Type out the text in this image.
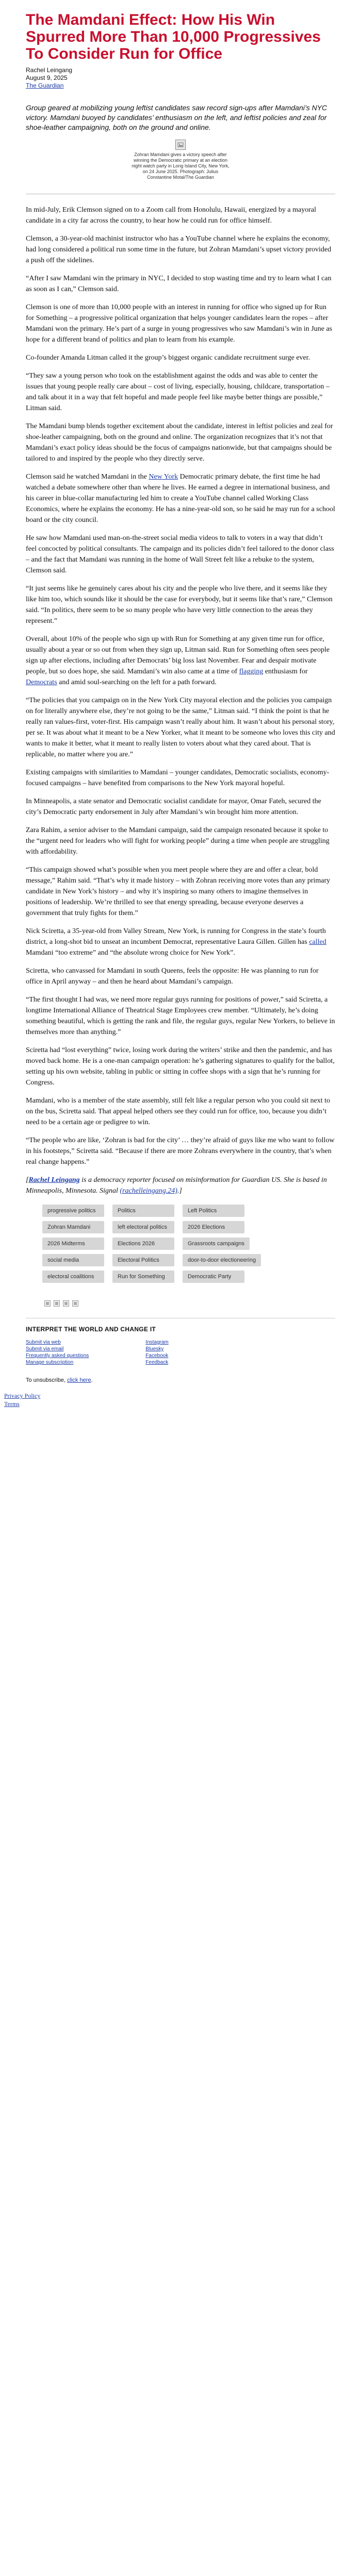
The Mamdani Effect: How His Win Spurred More Than 10,000 Progressives To Consider Run for Office
Rachel Leingang
August 9, 2025
The Guardian

Group geared at mobilizing young leftist candidates saw record sign-ups after Mamdani’s NYC victory. Mamdani buoyed by candidates’ enthusiasm on the left, and leftist policies and zeal for shoe-leather campaigning, both on the ground and online.

Zohran Mamdani gives a victory speech after winning the Democratic primary at an election night watch party in Long Island City, New York, on 24 June 2025. Photograph: Julius Constantine Motal/The Guardian

In mid-July, Erik Clemson signed on to a Zoom call from Honolulu, Hawaii, energized by a mayoral candidate in a city far across the country, to hear how he could run for office himself.

Clemson, a 30-year-old machinist instructor who has a YouTube channel where he explains the economy, had long considered a political run some time in the future, but Zohran Mamdani’s upset victory provided a push off the sidelines.

“After I saw Mamdani win the primary in NYC, I decided to stop wasting time and try to learn what I can as soon as I can,” Clemson said.

Clemson is one of more than 10,000 people with an interest in running for office who signed up for Run for Something – a progressive political organization that helps younger candidates learn the ropes – after Mamdani won the primary. He’s part of a surge in young progressives who saw Mamdani’s win in June as hope for a different brand of politics and plan to learn from his example.

Co-founder Amanda Litman called it the group’s biggest organic candidate recruitment surge ever.

“They saw a young person who took on the establishment against the odds and was able to center the issues that young people really care about – cost of living, especially, housing, childcare, transportation – and talk about it in a way that felt hopeful and made people feel like maybe better things are possible,” Litman said.

The Mamdani bump blends together excitement about the candidate, interest in leftist policies and zeal for shoe-leather campaigning, both on the ground and online. The organization recognizes that it’s not that Mamdani’s exact policy ideas should be the focus of campaigns nationwide, but that campaigns should be tailored to and inspired by the people who they directly serve.

Clemson said he watched Mamdani in the New York Democratic primary debate, the first time he had watched a debate somewhere other than where he lives. He earned a degree in international business, and his career in blue-collar manufacturing led him to create a YouTube channel called Working Class Economics, where he explains the economy. He has a nine-year-old son, so he said he may run for a school board or the city council.

He saw how Mamdani used man-on-the-street social media videos to talk to voters in a way that didn’t feel concocted by political consultants. The campaign and its policies didn’t feel tailored to the donor class – and the fact that Mamdani was running in the home of Wall Street felt like a rebuke to the system, Clemson said.

“It just seems like he genuinely cares about his city and the people who live there, and it seems like they like him too, which sounds like it should be the case for everybody, but it seems like that’s rare,” Clemson said. “In politics, there seem to be so many people who have very little connection to the areas they represent.”

Overall, about 10% of the people who sign up with Run for Something at any given time run for office, usually about a year or so out from when they sign up, Litman said. Run for Something often sees people sign up after elections, including after Democrats’ big loss last November. Fear and despair motivate people, but so does hope, she said. Mamdani’s win also came at a time of flagging enthusiasm for Democrats and amid soul-searching on the left for a path forward.

“The policies that you campaign on in the New York City mayoral election and the policies you campaign on for literally anywhere else, they’re not going to be the same,” Litman said. “I think the point is that he really ran values-first, voter-first. His campaign wasn’t really about him. It wasn’t about his personal story, per se. It was about what it meant to be a New Yorker, what it meant to be someone who loves this city and wants to make it better, what it meant to really listen to voters about what they cared about. That is replicable, no matter where you are.”

Existing campaigns with similarities to Mamdani – younger candidates, Democratic socialists, economy-focused campaigns – have benefited from comparisons to the New York mayoral hopeful.

In Minneapolis, a state senator and Democratic socialist candidate for mayor, Omar Fateh, secured the city’s Democratic party endorsement in July after Mamdani’s win brought him more attention.

Zara Rahim, a senior adviser to the Mamdani campaign, said the campaign resonated because it spoke to the “urgent need for leaders who will fight for working people” during a time when people are struggling with affordability.

“This campaign showed what’s possible when you meet people where they are and offer a clear, bold message,” Rahim said. “That’s why it made history – with Zohran receiving more votes than any primary candidate in New York’s history – and why it’s inspiring so many others to imagine themselves in positions of leadership. We’re thrilled to see that energy spreading, because everyone deserves a government that truly fights for them.”

Nick Sciretta, a 35-year-old from Valley Stream, New York, is running for Congress in the state’s fourth district, a long-shot bid to unseat an incumbent Democrat, representative Laura Gillen. Gillen has called Mamdani “too extreme” and “the absolute wrong choice for New York”.

Sciretta, who canvassed for Mamdani in south Queens, feels the opposite: He was planning to run for office in April anyway – and then he heard about Mamdani’s campaign.

“The first thought I had was, we need more regular guys running for positions of power,” said Sciretta, a longtime International Alliance of Theatrical Stage Employees crew member. “Ultimately, he’s doing something beautiful, which is getting the rank and file, the regular guys, regular New Yorkers, to believe in themselves more than anything.”

Sciretta had “lost everything” twice, losing work during the writers’ strike and then the pandemic, and has moved back home. He is a one-man campaign operation: he’s gathering signatures to qualify for the ballot, setting up his own website, tabling in public or sitting in coffee shops with a sign that he’s running for Congress.

Mamdani, who is a member of the state assembly, still felt like a regular person who you could sit next to on the bus, Sciretta said. That appeal helped others see they could run for office, too, because you didn’t need to be a certain age or pedigree to win.

“The people who are like, ‘Zohran is bad for the city’ … they’re afraid of guys like me who want to follow in his footsteps,” Sciretta said. “Because if there are more Zohrans everywhere in the country, that’s when real change happens.”

[Rachel Leingang is a democracy reporter focused on misinformation for Guardian US. She is based in Minneapolis, Minnesota. Signal (rachelleingang.24).]

progressive politics	Politics	Left Politics
Zohran Mamdani	left electoral politics	2026 Elections
2026 Midterms	Elections 2026	Grassroots campaigns
social media	Electoral Politics	door-to-door electioneering
electoral coalitions	Run for Something	Democratic Party
INTERPRET THE WORLD AND CHANGE IT
Submit via web
Submit via email
Frequently asked questions
Manage subscription
Instagram
Bluesky
Facebook
Feedback
To unsubscribe, click here.
Privacy Policy
Terms
